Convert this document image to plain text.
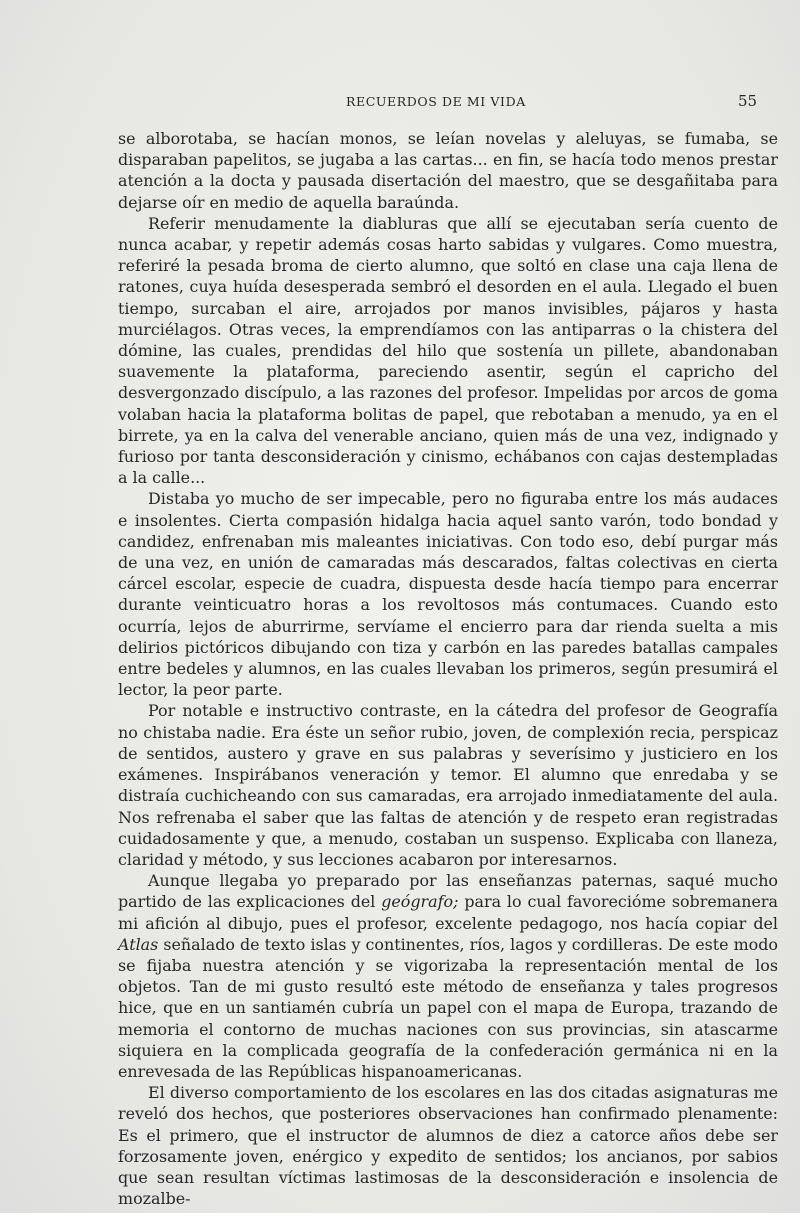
RECUERDOS DE MI VIDA	55

se alborotaba, se hacían monos, se leían novelas y aleluyas, se fumaba, se disparaban papelitos, se jugaba a las cartas... en fin, se hacía todo menos prestar atención a la docta y pausada disertación del maestro, que se desgañitaba para dejarse oír en medio de aquella baraúnda.

Referir menudamente la diabluras que allí se ejecutaban sería cuento de nunca acabar, y repetir además cosas harto sabidas y vulgares. Como muestra, referiré la pesada broma de cierto alumno, que soltó en clase una caja llena de ratones, cuya huída desesperada sembró el desorden en el aula. Llegado el buen tiempo, surcaban el aire, arrojados por manos invisibles, pájaros y hasta murciélagos. Otras veces, la emprendíamos con las antiparras o la chistera del dómine, las cuales, prendidas del hilo que sostenía un pillete, abandonaban suavemente la plataforma, pareciendo asentir, según el capricho del desvergonzado discípulo, a las razones del profesor. Impelidas por arcos de goma volaban hacia la plataforma bolitas de papel, que rebotaban a menudo, ya en el birrete, ya en la calva del venerable anciano, quien más de una vez, indignado y furioso por tanta desconsideración y cinismo, echábanos con cajas destempladas a la calle...

Distaba yo mucho de ser impecable, pero no figuraba entre los más audaces e insolentes. Cierta compasión hidalga hacia aquel santo varón, todo bondad y candidez, enfrenaban mis maleantes iniciativas. Con todo eso, debí purgar más de una vez, en unión de camaradas más descarados, faltas colectivas en cierta cárcel escolar, especie de cuadra, dispuesta desde hacía tiempo para encerrar durante veinticuatro horas a los revoltosos más contumaces. Cuando esto ocurría, lejos de aburrirme, servíame el encierro para dar rienda suelta a mis delirios pictóricos dibujando con tiza y carbón en las paredes batallas campales entre bedeles y alumnos, en las cuales llevaban los primeros, según presumirá el lector, la peor parte.

Por notable e instructivo contraste, en la cátedra del profesor de Geografía no chistaba nadie. Era éste un señor rubio, joven, de complexión recia, perspicaz de sentidos, austero y grave en sus palabras y severísimo y justiciero en los exámenes. Inspirábanos veneración y temor. El alumno que enredaba y se distraía cuchicheando con sus camaradas, era arrojado inmediatamente del aula. Nos refrenaba el saber que las faltas de atención y de respeto eran registradas cuidadosamente y que, a menudo, costaban un suspenso. Explicaba con llaneza, claridad y método, y sus lecciones acabaron por interesarnos.

Aunque llegaba yo preparado por las enseñanzas paternas, saqué mucho partido de las explicaciones del geógrafo; para lo cual favorecióme sobremanera mi afición al dibujo, pues el profesor, excelente pedagogo, nos hacía copiar del Atlas señalado de texto islas y continentes, ríos, lagos y cordilleras. De este modo se fijaba nuestra atención y se vigorizaba la representación mental de los objetos. Tan de mi gusto resultó este método de enseñanza y tales progresos hice, que en un santiamén cubría un papel con el mapa de Europa, trazando de memoria el contorno de muchas naciones con sus provincias, sin atascarme siquiera en la complicada geografía de la confederación germánica ni en la enrevesada de las Repúblicas hispanoamericanas.

El diverso comportamiento de los escolares en las dos citadas asignaturas me reveló dos hechos, que posteriores observaciones han confirmado plenamente: Es el primero, que el instructor de alumnos de diez a catorce años debe ser forzosamente joven, enérgico y expedito de sentidos; los ancianos, por sabios que sean resultan víctimas lastimosas de la desconsideración e insolencia de mozalbe-
